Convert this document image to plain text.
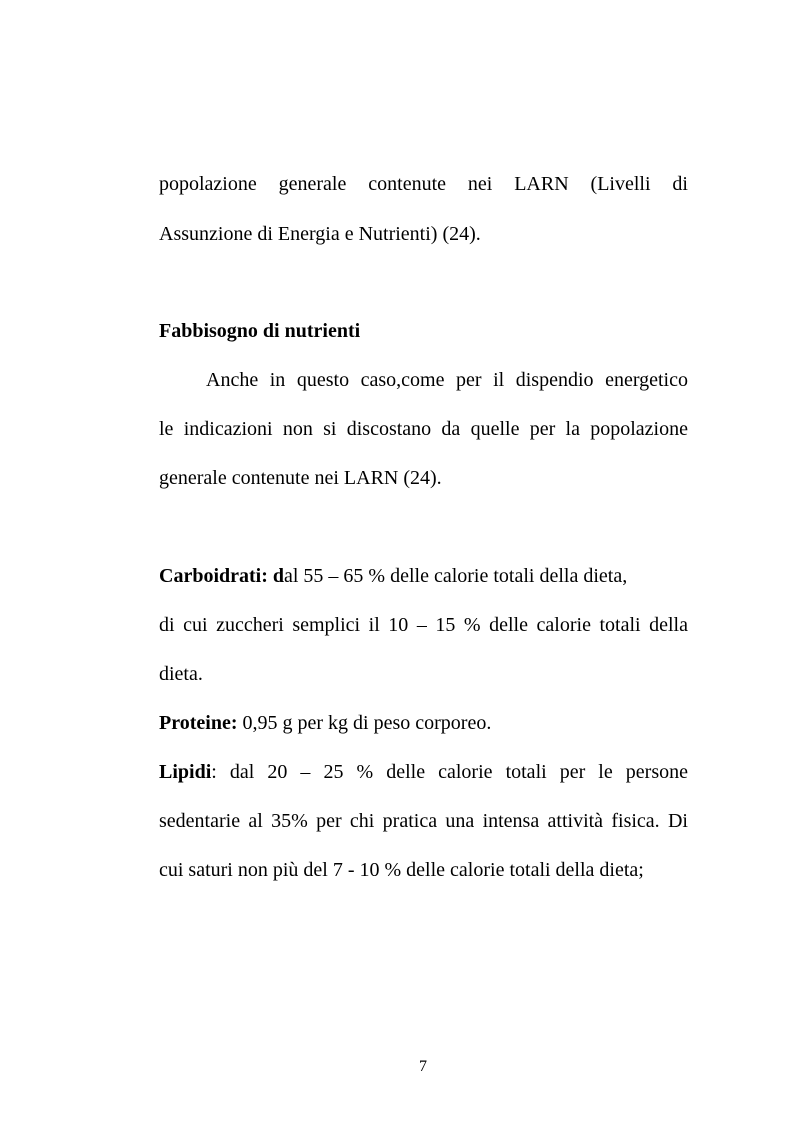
popolazione generale contenute nei LARN (Livelli di
Assunzione di Energia e Nutrienti) (24).
Fabbisogno di nutrienti
Anche in questo caso,come per il dispendio energetico
le indicazioni non si discostano da quelle per la popolazione
generale contenute nei LARN (24).
Carboidrati: dal 55 – 65 % delle calorie totali della dieta,
di cui zuccheri semplici il 10 – 15 % delle calorie totali della
dieta.
Proteine: 0,95 g per kg di peso corporeo.
Lipidi: dal 20 – 25 % delle calorie totali per le persone
sedentarie al 35% per chi pratica una intensa attività fisica. Di
cui saturi non più del 7 - 10 % delle calorie totali della dieta;
7
